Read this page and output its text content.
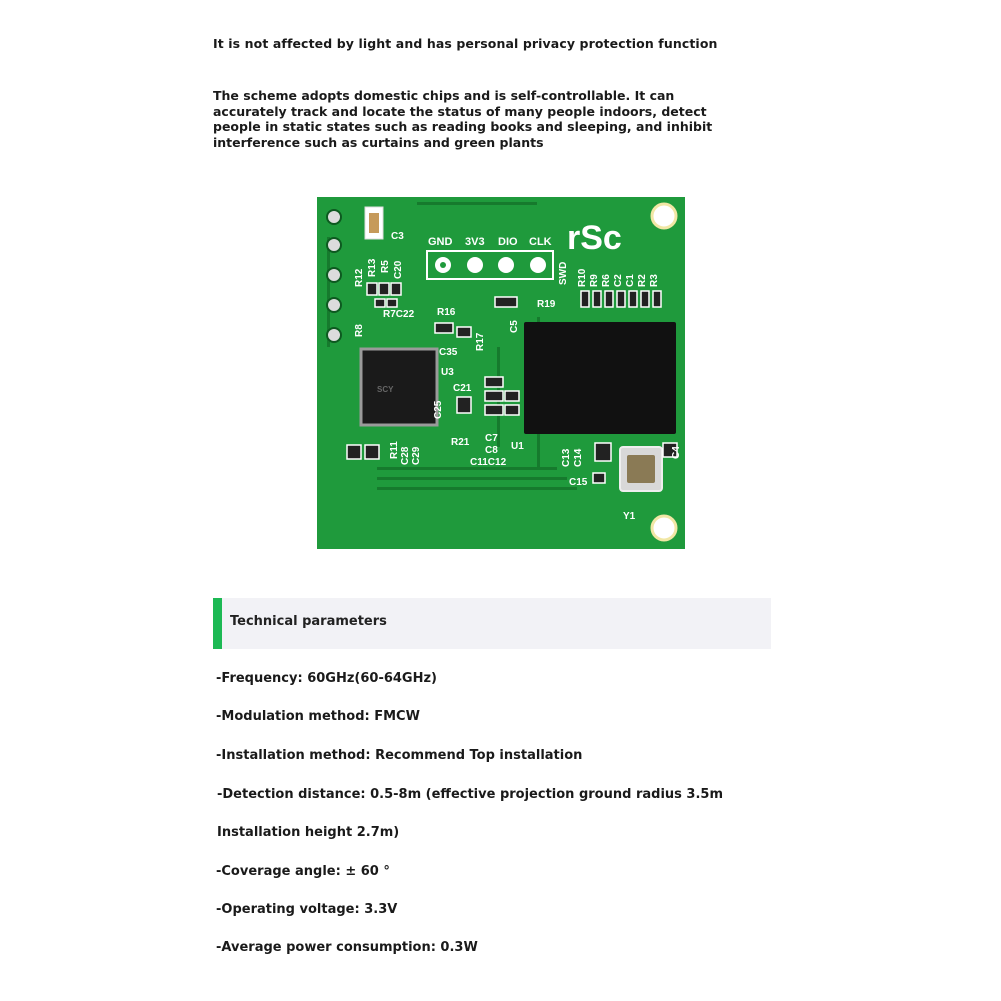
It is not affected by light and has personal privacy protection function
The scheme adopts domestic chips and is self-controllable. It can accurately track and locate the status of many people indoors, detect people in static states such as reading books and sleeping, and inhibit interference such as curtains and green plants
rSc
GND 3V3 DIO CLK
SWD
SCY
C3
R12
R13 R5 C20
R7C22 R16
R8
C35
R17
C5
R19
R10 R9 R6 C2 C1 R2 R3
U3
C21
C25
R21 C7
C8 U1
C11C12
R11 C28 C29	C13 C14	C4
C15
Y1
Technical parameters
-Frequency: 60GHz(60-64GHz)
-Modulation method: FMCW
-Installation method: Recommend Top installation
-Detection distance: 0.5-8m (effective projection ground radius 3.5m
Installation height 2.7m)
-Coverage angle: ± 60 °
-Operating voltage: 3.3V
-Average power consumption: 0.3W
